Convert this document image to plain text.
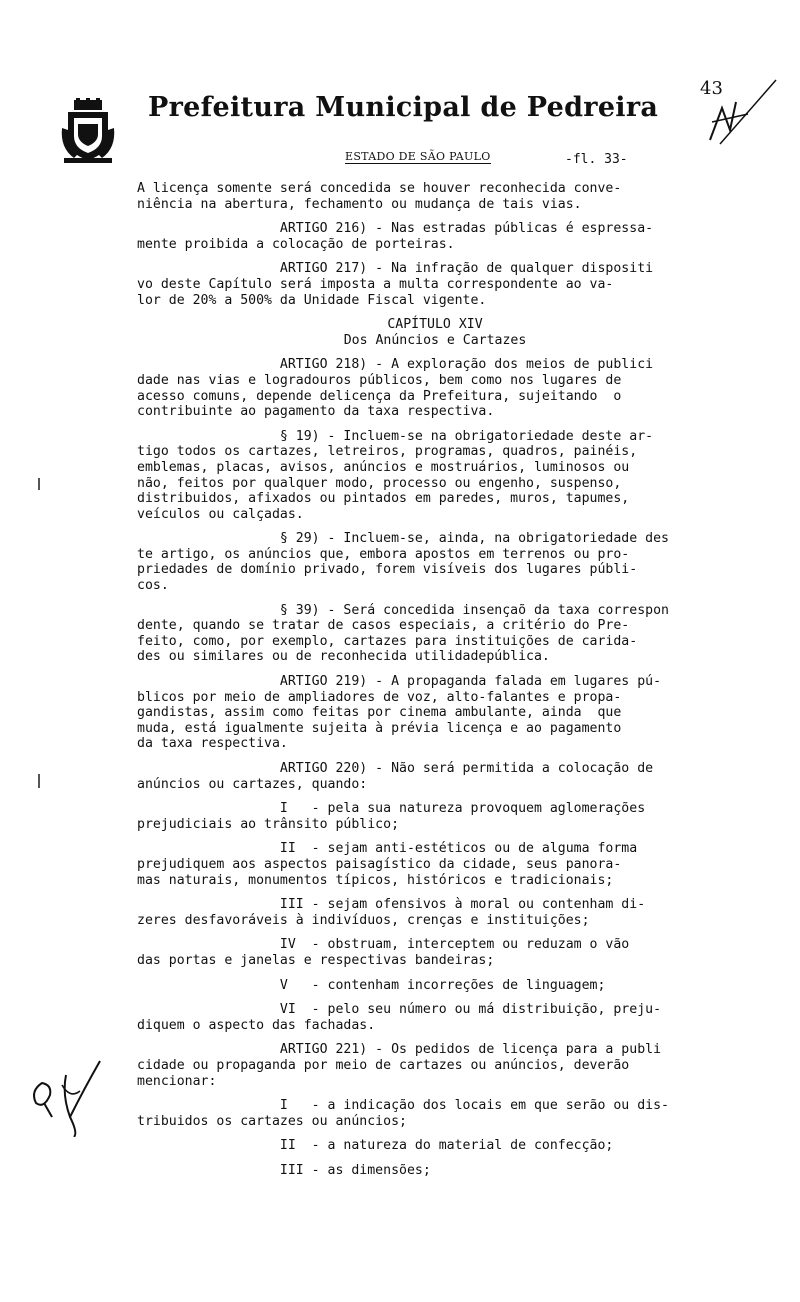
Prefeitura Municipal de Pedreira
43
ESTADO DE SÃO PAULO	-fl. 33-
A licença somente será concedida se houver reconhecida conve-
niência na abertura, fechamento ou mudança de tais vias.
ARTIGO 216) - Nas estradas públicas é espressa-
mente proibida a colocação de porteiras.
ARTIGO 217) - Na infração de qualquer dispositi
vo deste Capítulo será imposta a multa correspondente ao va-
lor de 20% a 500% da Unidade Fiscal vigente.
CAPÍTULO XIV
Dos Anúncios e Cartazes
ARTIGO 218) - A exploração dos meios de publici
dade nas vias e logradouros públicos, bem como nos lugares de
acesso comuns, depende delicença da Prefeitura, sujeitando  o
contribuinte ao pagamento da taxa respectiva.
§ 19) - Incluem-se na obrigatoriedade deste ar-
tigo todos os cartazes, letreiros, programas, quadros, painéis,
emblemas, placas, avisos, anúncios e mostruários, luminosos ou
não, feitos por qualquer modo, processo ou engenho, suspenso,
distribuidos, afixados ou pintados em paredes, muros, tapumes,
veículos ou calçadas.
§ 29) - Incluem-se, ainda, na obrigatoriedade des
te artigo, os anúncios que, embora apostos em terrenos ou pro-
priedades de domínio privado, forem visíveis dos lugares públi-
cos.
§ 39) - Será concedida insençaõ da taxa correspon
dente, quando se tratar de casos especiais, a critério do Pre-
feito, como, por exemplo, cartazes para instituições de carida-
des ou similares ou de reconhecida utilidadepública.
ARTIGO 219) - A propaganda falada em lugares pú-
blicos por meio de ampliadores de voz, alto-falantes e propa-
gandistas, assim como feitas por cinema ambulante, ainda  que
muda, está igualmente sujeita à prévia licença e ao pagamento
da taxa respectiva.
ARTIGO 220) - Não será permitida a colocação de
anúncios ou cartazes, quando:
I   - pela sua natureza provoquem aglomerações
prejudiciais ao trânsito público;
II  - sejam anti-estéticos ou de alguma forma
prejudiquem aos aspectos paisagístico da cidade, seus panora-
mas naturais, monumentos típicos, históricos e tradicionais;
III - sejam ofensivos à moral ou contenham di-
zeres desfavoráveis à indivíduos, crenças e instituições;
IV  - obstruam, interceptem ou reduzam o vão
das portas e janelas e respectivas bandeiras;
V   - contenham incorreções de linguagem;
VI  - pelo seu número ou má distribuição, preju-
diquem o aspecto das fachadas.
ARTIGO 221) - Os pedidos de licença para a publi
cidade ou propaganda por meio de cartazes ou anúncios, deverão
mencionar:
I   - a indicação dos locais em que serão ou dis-
tribuidos os cartazes ou anúncios;
II  - a natureza do material de confecção;
III - as dimensões;
